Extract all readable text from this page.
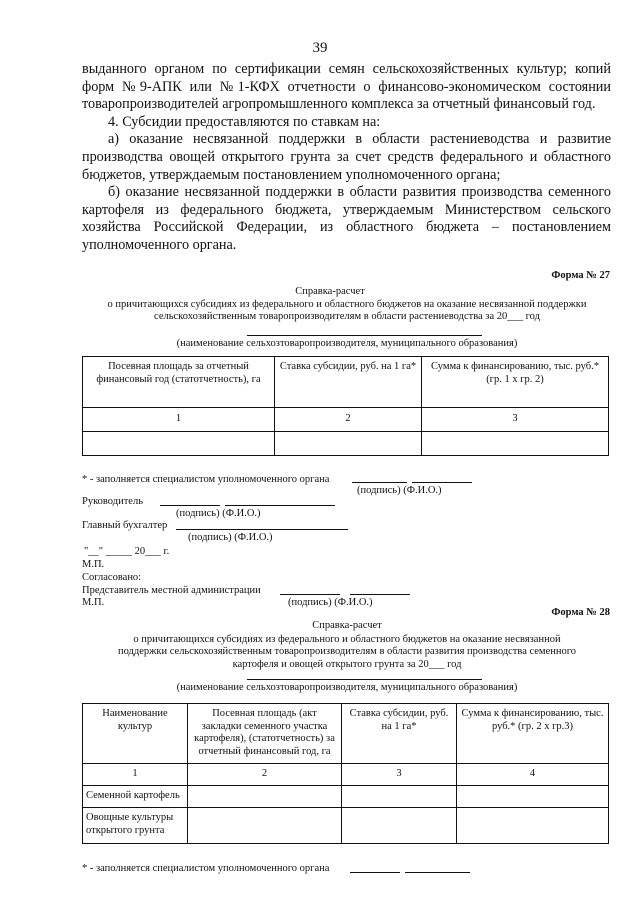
39

выданного органом по сертификации семян сельскохозяйственных культур; копий форм №9-АПК или №1-КФХ отчетности о финансово-экономическом состоянии товаропроизводителей агропромышленного комплекса за отчетный финансовый год.

4. Субсидии предоставляются по ставкам на:

а) оказание несвязанной поддержки в области растениеводства и развитие производства овощей открытого грунта за счет средств федерального и областного бюджетов, утверждаемым постановлением уполномоченного органа;

б) оказание несвязанной поддержки в области развития производства семенного картофеля из федерального бюджета, утверждаемым Министерством сельского хозяйства Российской Федерации, из областного бюджета – постановлением уполномоченного органа.

Форма № 27
Справка-расчет
о причитающихся субсидиях из федерального и областного бюджетов на оказание несвязанной поддержки
сельскохозяйственным товаропроизводителям в области растениеводства за 20___ год
(наименование сельхозтоваропроизводителя, муниципального образования)
Посевная площадь за отчетный финансовый год (статотчетность), га	Ставка субсидии, руб. на 1 га*	Сумма к финансированию, тыс. руб.* (гр. 1 х гр. 2)
1	2	3

* - заполняется специалистом уполномоченного органа
(подпись) (Ф.И.О.)
Руководитель
(подпись) (Ф.И.О.)
Главный бухгалтер
(подпись) (Ф.И.О.)
"__" _____ 20___ г.
М.П.
Согласовано:
Представитель местной администрации
М.П.	(подпись) (Ф.И.О.)
Форма № 28
Справка-расчет
о причитающихся субсидиях из федерального и областного бюджетов на оказание несвязанной
поддержки сельскохозяйственным товаропроизводителям в области развития производства семенного
картофеля и овощей открытого грунта за 20___ год
(наименование сельхозтоваропроизводителя, муниципального образования)
Наименование культур	Посевная площадь (акт закладки семенного участка картофеля), (статотчетность) за отчетный финансовый год, га	Ставка субсидии, руб. на 1 га*	Сумма к финансированию, тыс. руб.* (гр. 2 х гр.3)
1	2	3	4
Семенной картофель			
Овощные культуры открытого грунта			
* - заполняется специалистом уполномоченного органа
